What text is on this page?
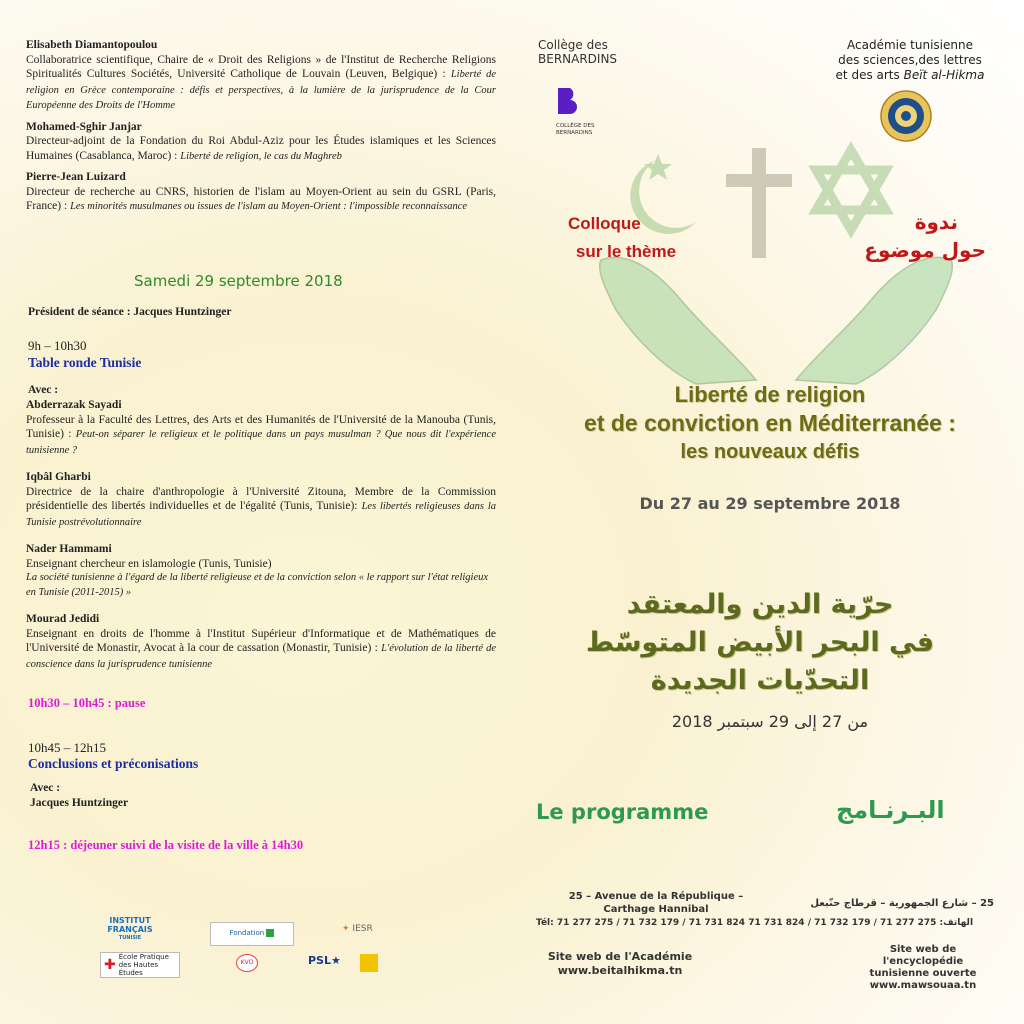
Elisabeth Diamantopoulou
Collaboratrice scientifique, Chaire de « Droit des Religions » de l'Institut de Recherche Religions Spiritualités Cultures Sociétés, Université Catholique de Louvain (Leuven, Belgique) : Liberté de religion en Grèce contemporaine : défis et perspectives, à la lumière de la jurisprudence de la Cour Européenne des Droits de l'Homme
Mohamed-Sghir Janjar
Directeur-adjoint de la Fondation du Roi Abdul-Aziz pour les Études islamiques et les Sciences Humaines (Casablanca, Maroc) : Liberté de religion, le cas du Maghreb
Pierre-Jean Luizard
Directeur de recherche au CNRS, historien de l'islam au Moyen-Orient au sein du GSRL (Paris, France) : Les minorités musulmanes ou issues de l'islam au Moyen-Orient : l'impossible reconnaissance
Samedi 29 septembre 2018
Président de séance : Jacques Huntzinger
9h – 10h30
Table ronde Tunisie
Avec :
Abderrazak Sayadi
Professeur à la Faculté des Lettres, des Arts et des Humanités de l'Université de la Manouba (Tunis, Tunisie) : Peut-on séparer le religieux et le politique dans un pays musulman ? Que nous dit l'expérience tunisienne ?
Iqbâl Gharbi
Directrice de la chaire d'anthropologie à l'Université Zitouna, Membre de la Commission présidentielle des libertés individuelles et de l'égalité (Tunis, Tunisie): Les libertés religieuses dans la Tunisie postrévolutionnaire
Nader Hammami
Enseignant chercheur en islamologie (Tunis, Tunisie)
La société tunisienne à l'égard de la liberté religieuse et de la conviction selon « le rapport sur l'état religieux en Tunisie (2011-2015) »
Mourad Jedidi
Enseignant en droits de l'homme à l'Institut Supérieur d'Informatique et de Mathématiques de l'Université de Monastir, Avocat à la cour de cassation (Monastir, Tunisie) : L'évolution de la liberté de conscience dans la jurisprudence tunisienne
10h30 – 10h45 : pause
10h45 – 12h15
Conclusions et préconisations
Avec :
Jacques Huntzinger
12h15 : déjeuner suivi de la visite de la ville à 14h30
INSTITUT
FRANÇAIS
TUNISIE
✚ École Pratique des Hautes Études
Fondation
KVO	PSL★
✦ IESR
Collège des
BERNARDINS
COLLÈGE DES
BERNARDINS
Académie tunisienne
des sciences,des lettres
et des arts Beït al-Hikma
Colloque
sur le thème
ندوة
حول موضوع
Liberté de religion
et de conviction en Méditerranée :
les nouveaux défis
Du 27 au 29 septembre 2018
حرّية الدين والمعتقد
في البحر الأبيض المتوسّط
التحدّيات الجديدة
من 27 إلى 29 سبتمبر 2018
Le programme	البـرنـامج
25 – Avenue de la République –
Carthage Hannibal
25 – شارع الجمهورية – قرطاج حنّبعل
Tél: 71 277 275 / 71 732 179 / 71 731 824 71 731 824 / 71 732 179 / 71 277 275 :الهاتف
Site web de l'Académie
www.beitalhikma.tn
Site web de l'encyclopédie
tunisienne ouverte
www.mawsouaa.tn
